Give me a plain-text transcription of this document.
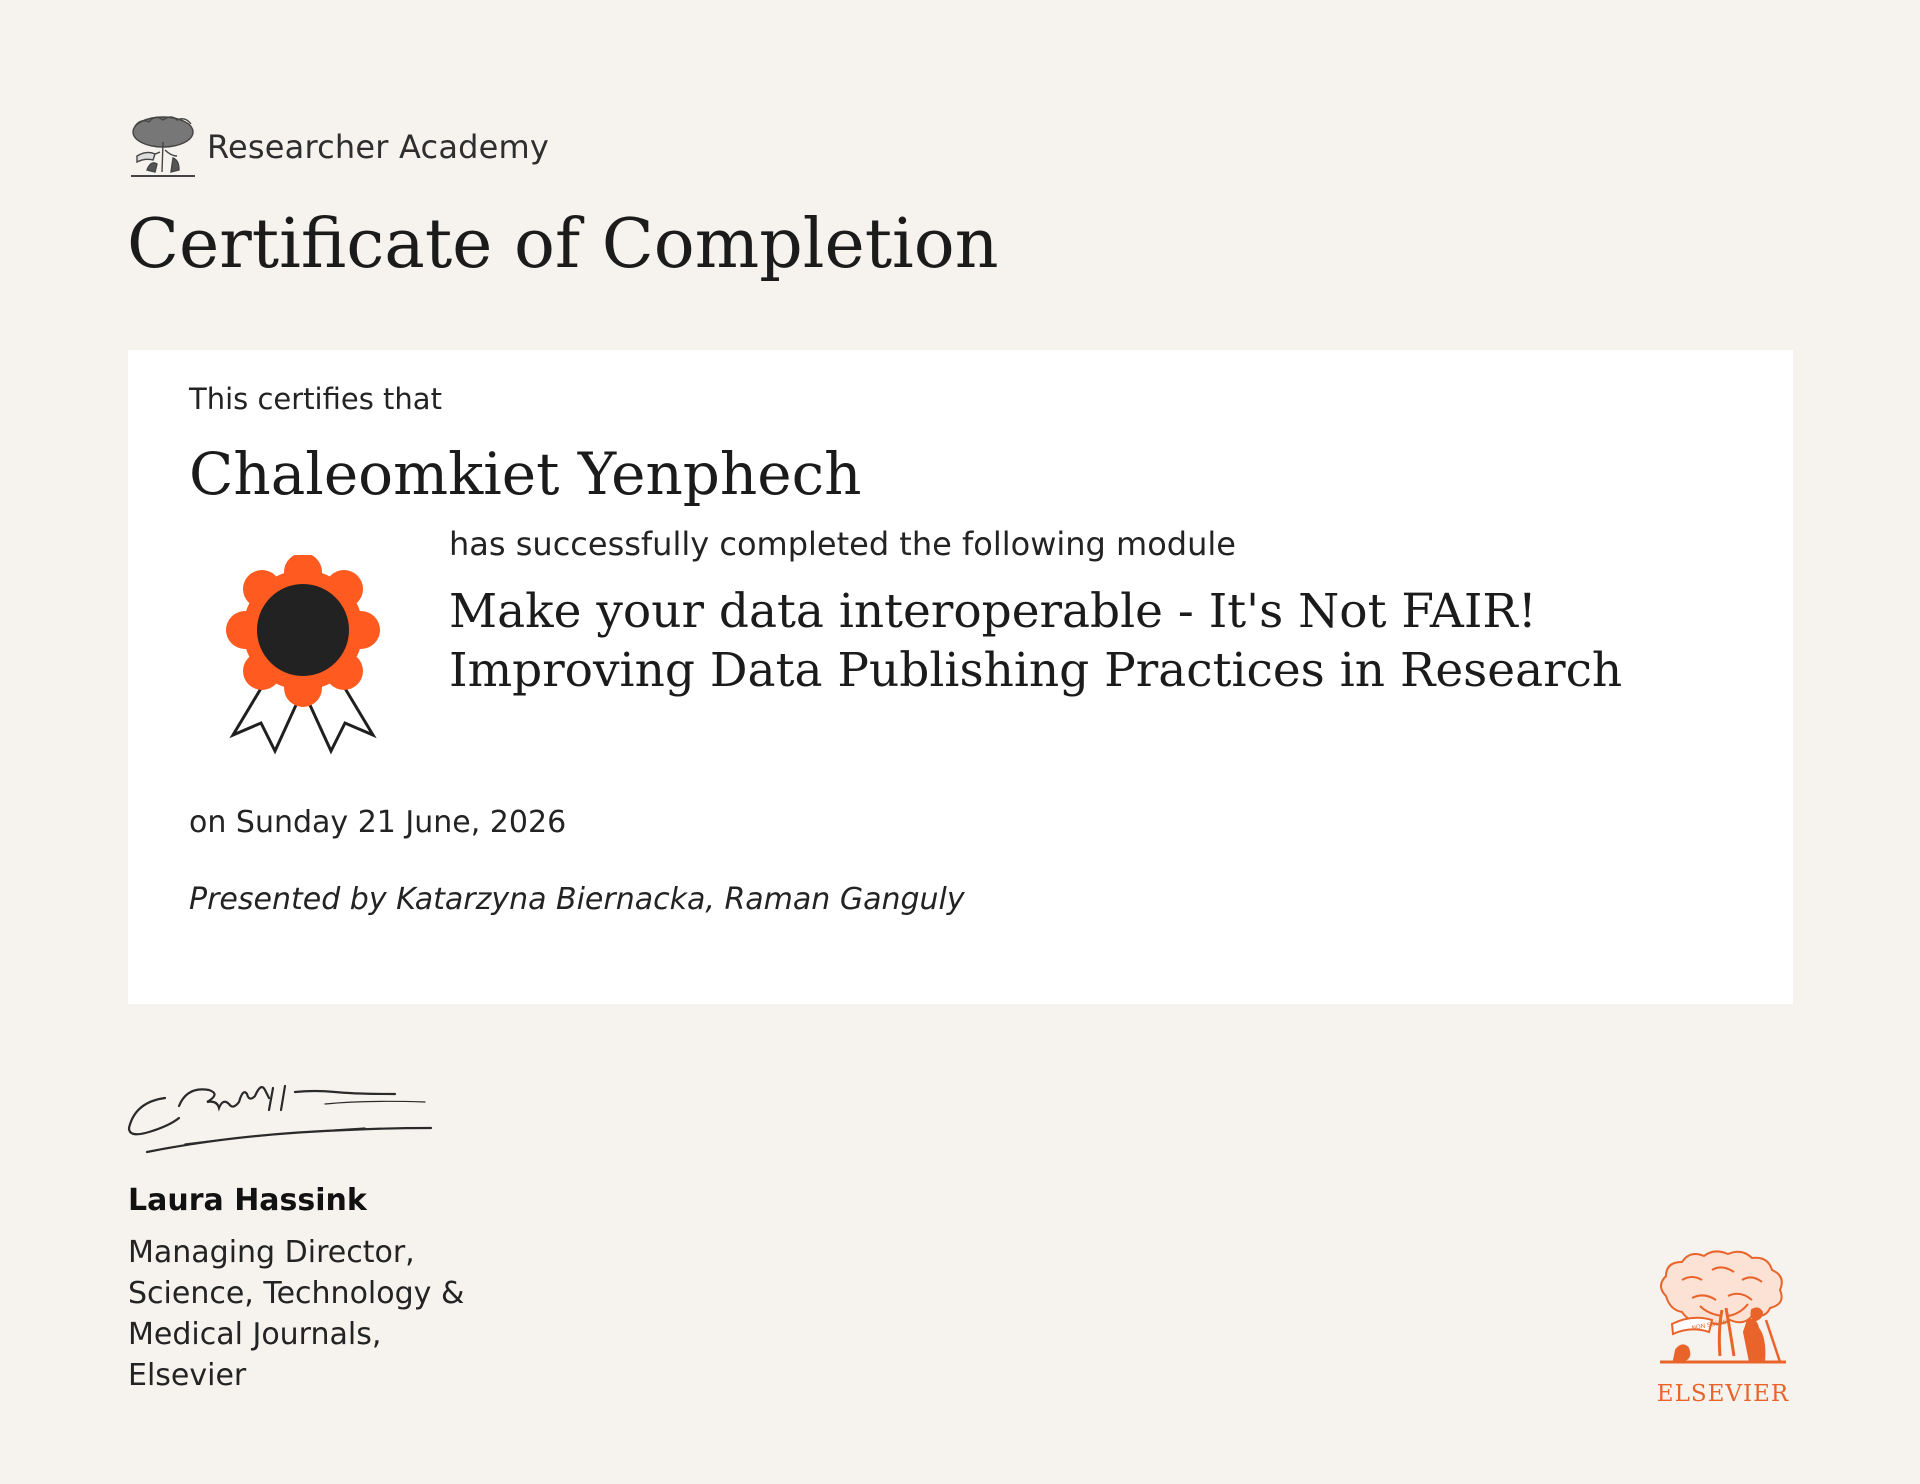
Researcher Academy
Certificate of Completion
This certifies that
Chaleomkiet Yenphech
has successfully completed the following module
Make your data interoperable - It's Not FAIR!
Improving Data Publishing Practices in Research
on Sunday 21 June, 2026
Presented by Katarzyna Biernacka, Raman Ganguly
Laura Hassink
Managing Director,
Science, Technology &
Medical Journals,
Elsevier
NON SOLUS
ELSEVIER
